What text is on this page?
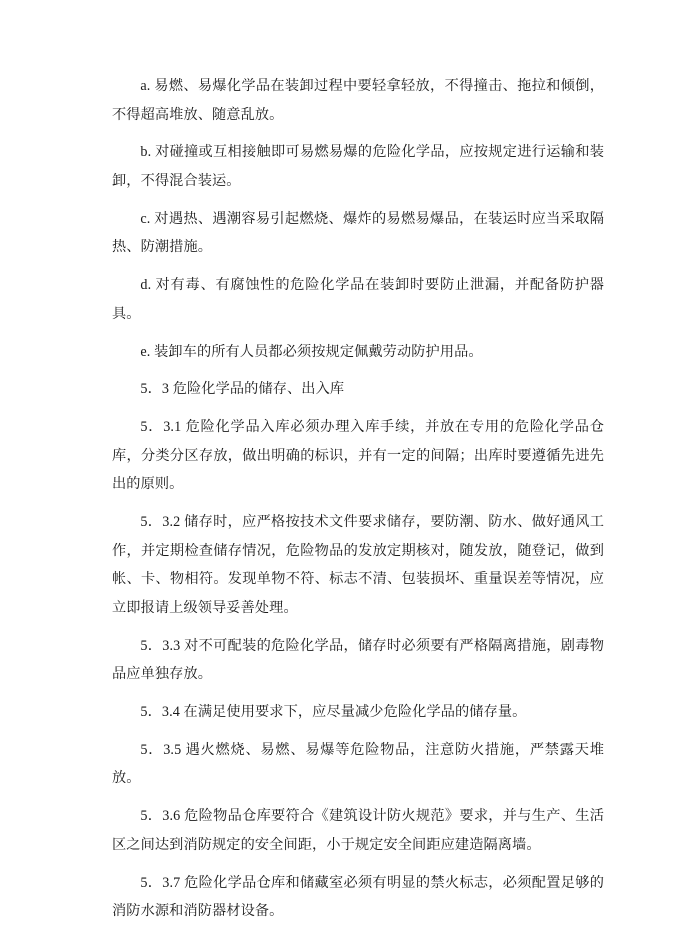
a. 易燃、易爆化学品在装卸过程中要轻拿轻放，不得撞击、拖拉和倾倒，不得超高堆放、随意乱放。

b. 对碰撞或互相接触即可易燃易爆的危险化学品，应按规定进行运输和装卸，不得混合装运。

c. 对遇热、遇潮容易引起燃烧、爆炸的易燃易爆品，在装运时应当采取隔热、防潮措施。

d. 对有毒、有腐蚀性的危险化学品在装卸时要防止泄漏，并配备防护器具。

e. 装卸车的所有人员都必须按规定佩戴劳动防护用品。

5．3 危险化学品的储存、出入库

5．3.1 危险化学品入库必须办理入库手续，并放在专用的危险化学品仓库，分类分区存放，做出明确的标识，并有一定的间隔；出库时要遵循先进先出的原则。

5．3.2 储存时，应严格按技术文件要求储存，要防潮、防水、做好通风工作，并定期检查储存情况，危险物品的发放定期核对，随发放，随登记，做到帐、卡、物相符。发现单物不符、标志不清、包装损坏、重量误差等情况，应立即报请上级领导妥善处理。

5．3.3 对不可配装的危险化学品，储存时必须要有严格隔离措施，剧毒物品应单独存放。

5．3.4 在满足使用要求下，应尽量减少危险化学品的储存量。

5．3.5 遇火燃烧、易燃、易爆等危险物品，注意防火措施，严禁露天堆放。

5．3.6 危险物品仓库要符合《建筑设计防火规范》要求，并与生产、生活区之间达到消防规定的安全间距，小于规定安全间距应建造隔离墙。

5．3.7 危险化学品仓库和储藏室必须有明显的禁火标志，必须配置足够的消防水源和消防器材设备。
